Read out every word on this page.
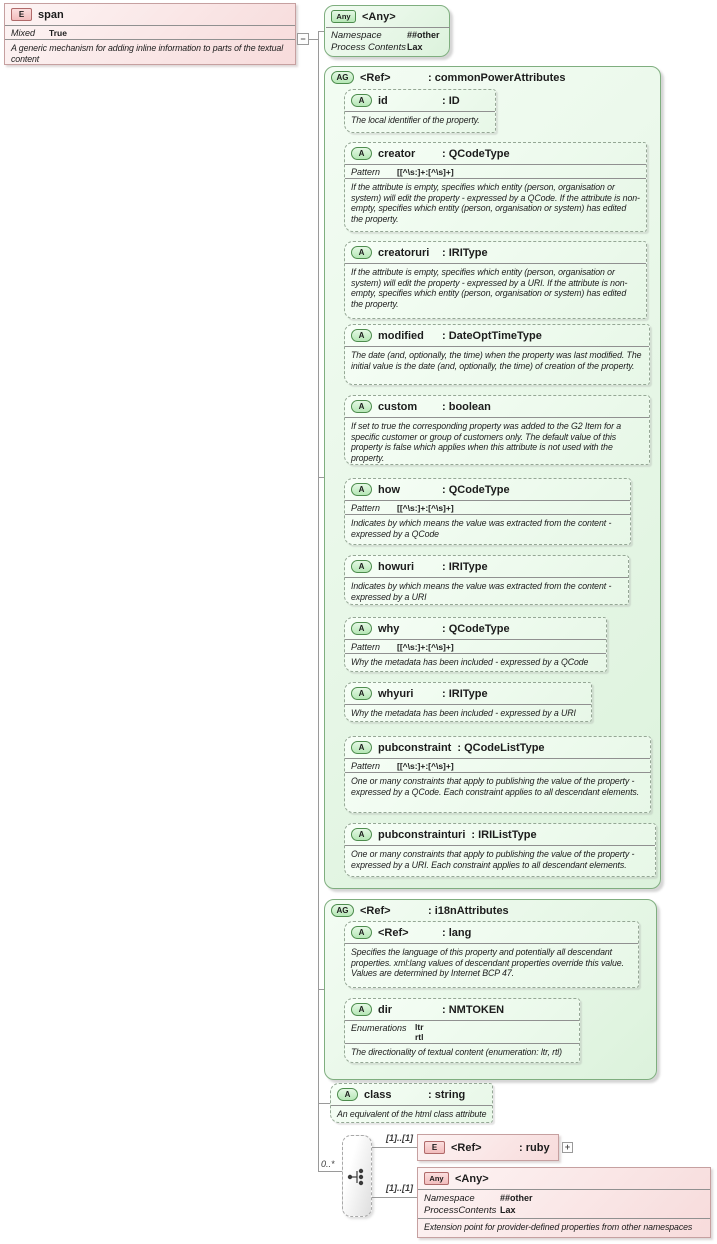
E	span
Mixed	True
A generic mechanism for adding inline information to parts of the textual content
−
Any	<Any>
Namespace	##other
Process Contents Lax
AG	<Ref>	: commonPowerAttributes
A	id	: ID
The local identifier of the property.
A	creator	: QCodeType
Pattern	[[^\s:]+:[^\s]+]
If the attribute is empty, specifies which entity (person, organisation or system) will edit the property - expressed by a QCode. If the attribute is non-empty, specifies which entity (person, organisation or system) has edited the property.
A	creatoruri	: IRIType
If the attribute is empty, specifies which entity (person, organisation or system) will edit the property - expressed by a URI. If the attribute is non-empty, specifies which entity (person, organisation or system) has edited the property.
A	modified	: DateOptTimeType
The date (and, optionally, the time) when the property was last modified. The initial value is the date (and, optionally, the time) of creation of the property.
A	custom	: boolean
If set to true the corresponding property was added to the G2 Item for a specific customer or group of customers only. The default value of this property is false which applies when this attribute is not used with the property.
A	how	: QCodeType
Pattern	[[^\s:]+:[^\s]+]
Indicates by which means the value was extracted from the content - expressed by a QCode
A	howuri	: IRIType
Indicates by which means the value was extracted from the content - expressed by a URI
A	why	: QCodeType
Pattern	[[^\s:]+:[^\s]+]
Why the metadata has been included - expressed by a QCode
A	whyuri	: IRIType
Why the metadata has been included - expressed by a URI
A	pubconstraint : QCodeListType
Pattern	[[^\s:]+:[^\s]+]
One or many constraints that apply to publishing the value of the property - expressed by a QCode. Each constraint applies to all descendant elements.
A	pubconstrainturi : IRIListType
One or many constraints that apply to publishing the value of the property - expressed by a URI. Each constraint applies to all descendant elements.
AG	<Ref>	: i18nAttributes
A	<Ref>	: lang
Specifies the language of this property and potentially all descendant properties. xml:lang values of descendant properties override this value. Values are determined by Internet BCP 47.
A	dir	: NMTOKEN
Enumerations ltr
rtl
The directionality of textual content (enumeration: ltr, rtl)
A	class	: string
An equivalent of the html class attribute
0..*
[1]..[1]
[1]..[1]
E	<Ref>	: ruby	+
Any	<Any>
Namespace	##other
ProcessContents Lax
Extension point for provider-defined properties from other namespaces
